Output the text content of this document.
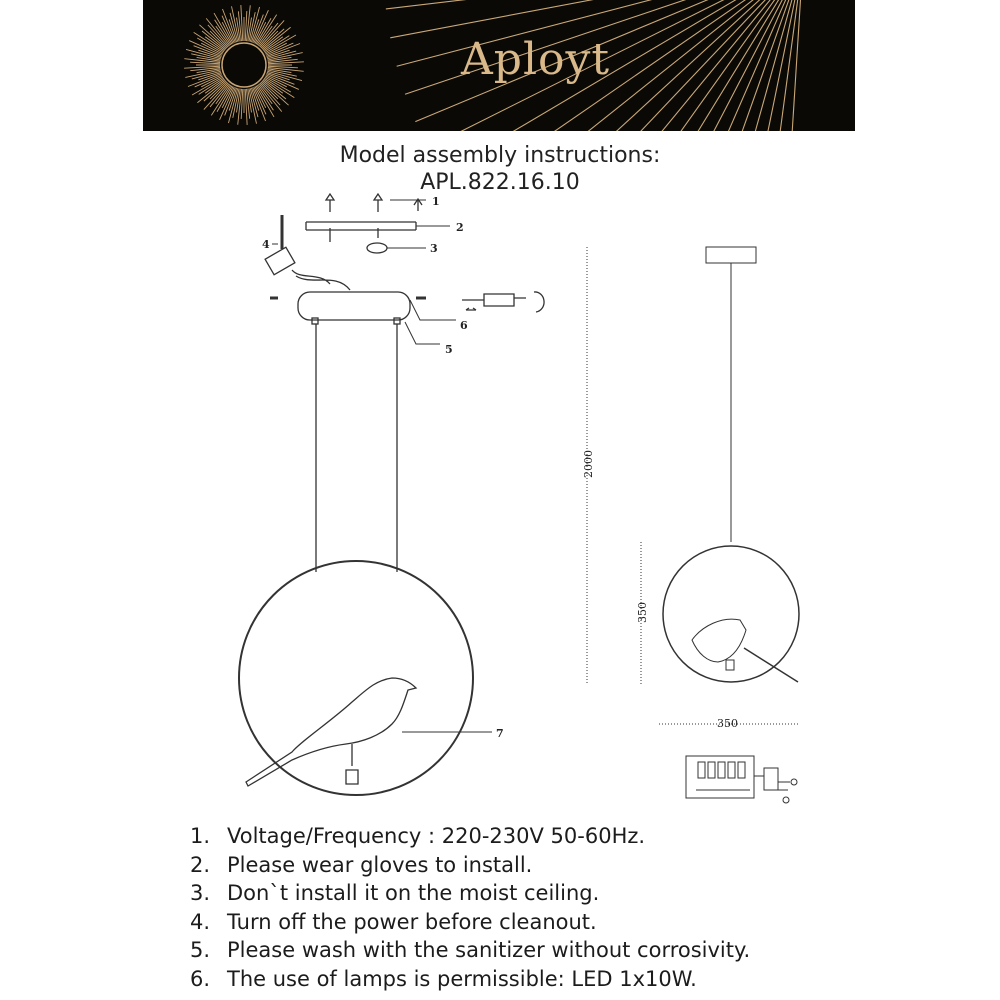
Aployt
Model assembly instructions:
APL.822.16.10
1
2
3
4
6
5
7
2000
350
350
1. Voltage/Frequency : 220-230V 50-60Hz.
2. Please wear gloves to install.
3. Don`t install it on the moist ceiling.
4. Turn off the power before cleanout.
5. Please wash with the sanitizer without corrosivity.
6. The use of lamps is permissible: LED 1x10W.
